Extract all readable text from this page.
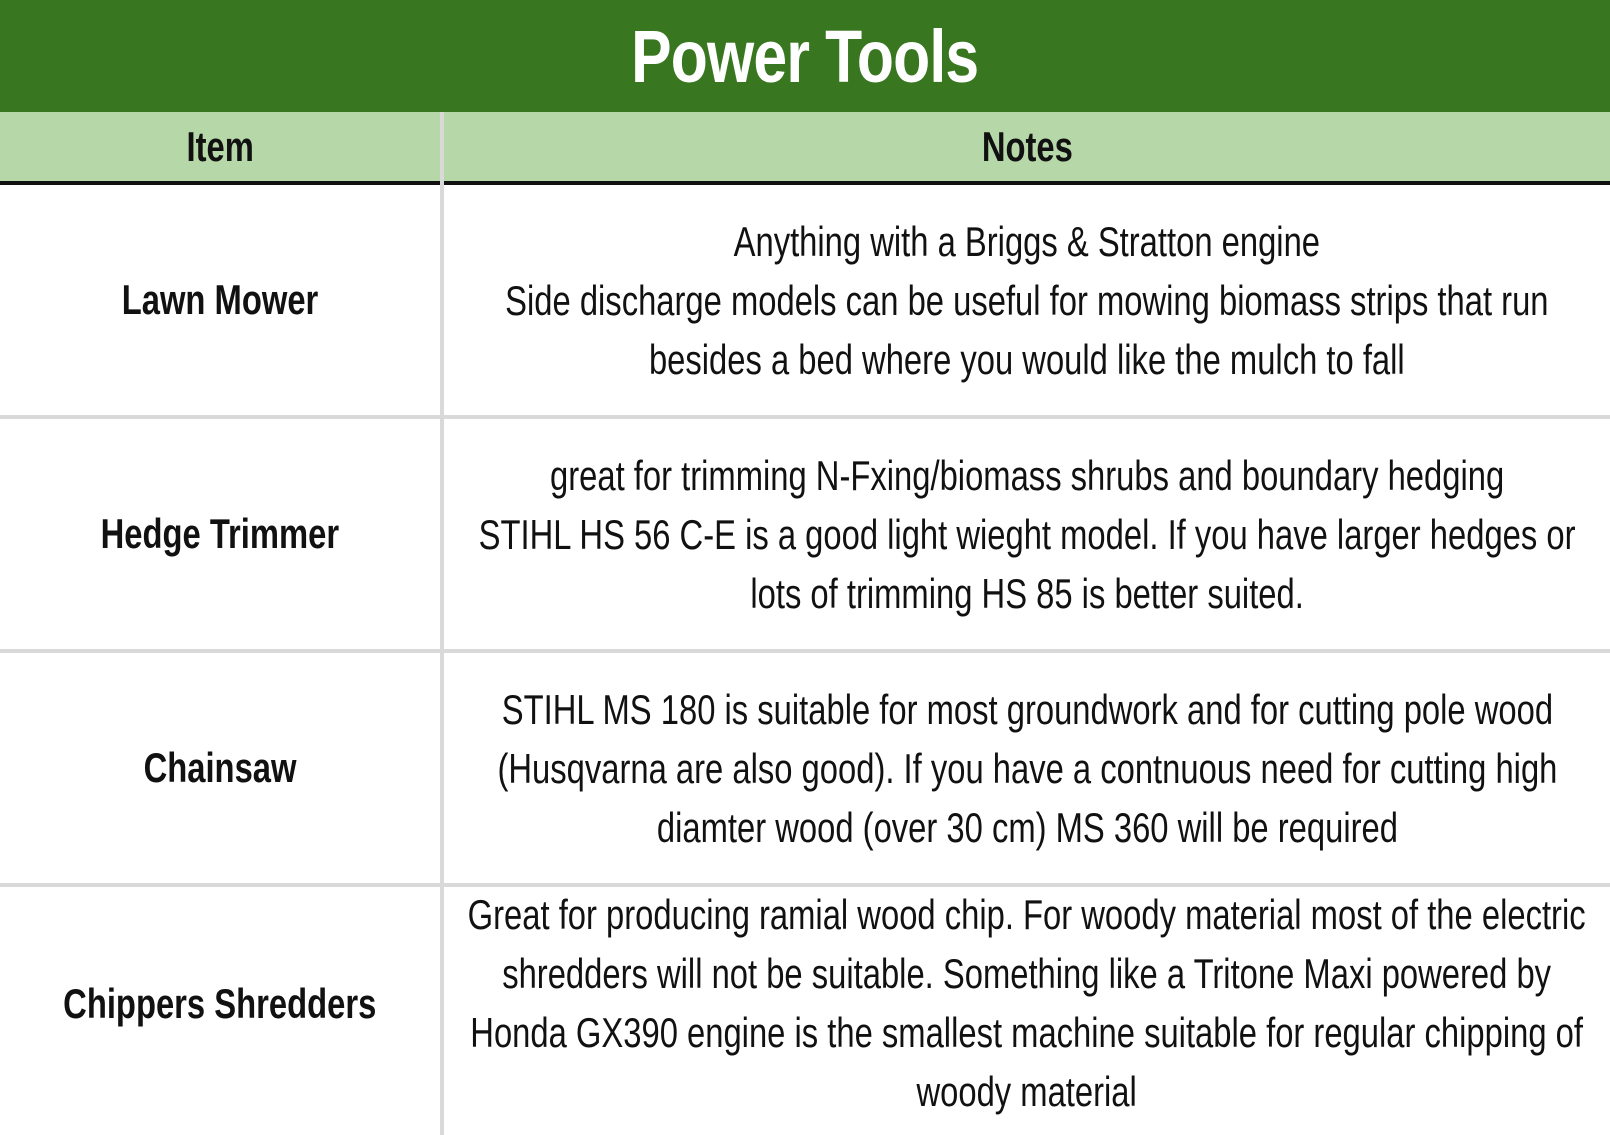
Power Tools
Item	Notes
Lawn Mower
Anything with a Briggs & Stratton engine
Side discharge models can be useful for mowing biomass strips that run
besides a bed where you would like the mulch to fall
Hedge Trimmer
great for trimming N-Fxing/biomass shrubs and boundary hedging
STIHL HS 56 C-E is a good light wieght model. If you have larger hedges or
lots of trimming HS 85 is better suited.
Chainsaw
STIHL MS 180 is suitable for most groundwork and for cutting pole wood
(Husqvarna are also good). If you have a contnuous need for cutting high
diamter wood (over 30 cm) MS 360 will be required
Chippers Shredders
Great for producing ramial wood chip. For woody material most of the electric
shredders will not be suitable. Something like a Tritone Maxi powered by
Honda GX390 engine is the smallest machine suitable for regular chipping of
woody material
